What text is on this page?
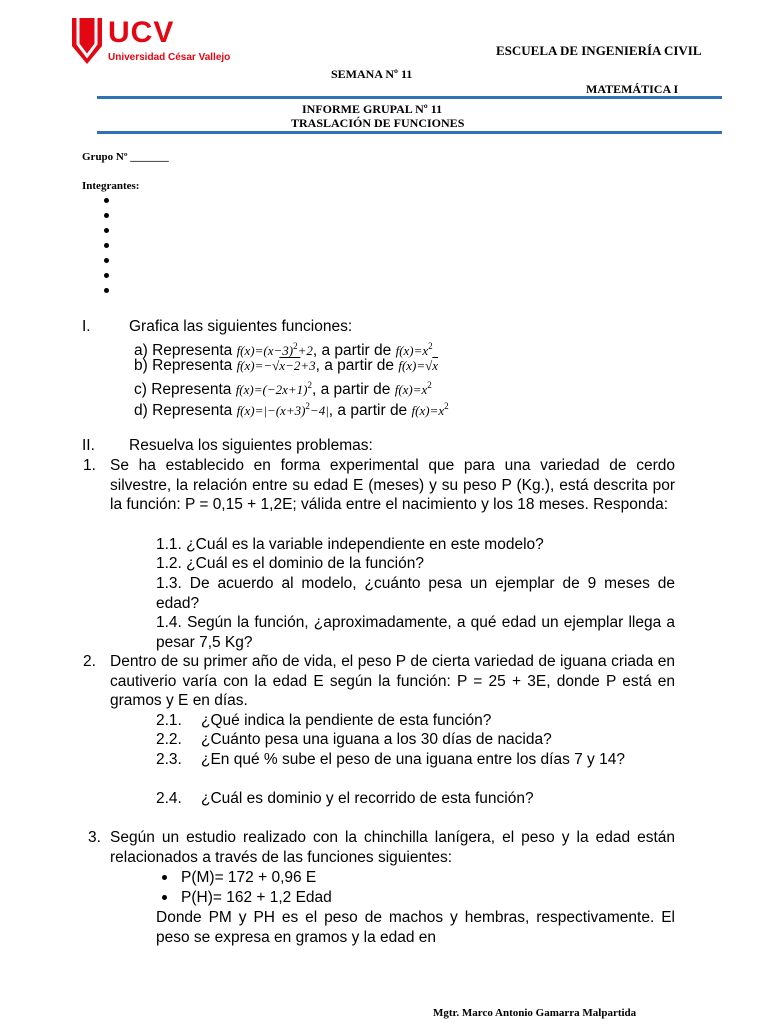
UCV
Universidad César Vallejo	ESCUELA DE INGENIERÍA CIVIL
SEMANA Nº 11
MATEMÁTICA I
INFORME GRUPAL Nº 11
TRASLACIÓN DE FUNCIONES
Grupo Nº _______
Integrantes:
I. Grafica las siguientes funciones:
a) Representa $f(x)=(x-3)^2+2$, a partir de $f(x)=x^2$
b) Representa f(x)=−√x−2+3, a partir de f(x)=√x
c) Representa $f(x)=(-2x+1)^2$, a partir de $f(x)=x^2$
d) Representa $f(x)=|-(x+3)^2-4|$, a partir de $f(x)=x^2$
II. Resuelva los siguientes problemas:
1. Se ha establecido en forma experimental que para una variedad de cerdo silvestre, la relación entre su edad E (meses) y su peso P (Kg.), está descrita por la función: P = 0,15 + 1,2E; válida entre el nacimiento y los 18 meses. Responda:
1.1. ¿Cuál es la variable independiente en este modelo?
1.2. ¿Cuál es el dominio de la función?
1.3. De acuerdo al modelo, ¿cuánto pesa un ejemplar de 9 meses de edad?
1.4. Según la función, ¿aproximadamente, a qué edad un ejemplar llega a pesar 7,5 Kg?
2. Dentro de su primer año de vida, el peso P de cierta variedad de iguana criada en cautiverio varía con la edad E según la función: P = 25 + 3E, donde P está en gramos y E en días.
2.1. ¿Qué indica la pendiente de esta función?
2.2. ¿Cuánto pesa una iguana a los 30 días de nacida?
2.3. ¿En qué % sube el peso de una iguana entre los días 7 y 14?
2.4. ¿Cuál es dominio y el recorrido de esta función?
3. Según un estudio realizado con la chinchilla lanígera, el peso y la edad están relacionados a través de las funciones siguientes:
P(M)= 172 + 0,96 E
P(H)= 162 + 1,2 Edad
Donde PM y PH es el peso de machos y hembras, respectivamente. El peso se expresa en gramos y la edad en
Mgtr. Marco Antonio Gamarra Malpartida
